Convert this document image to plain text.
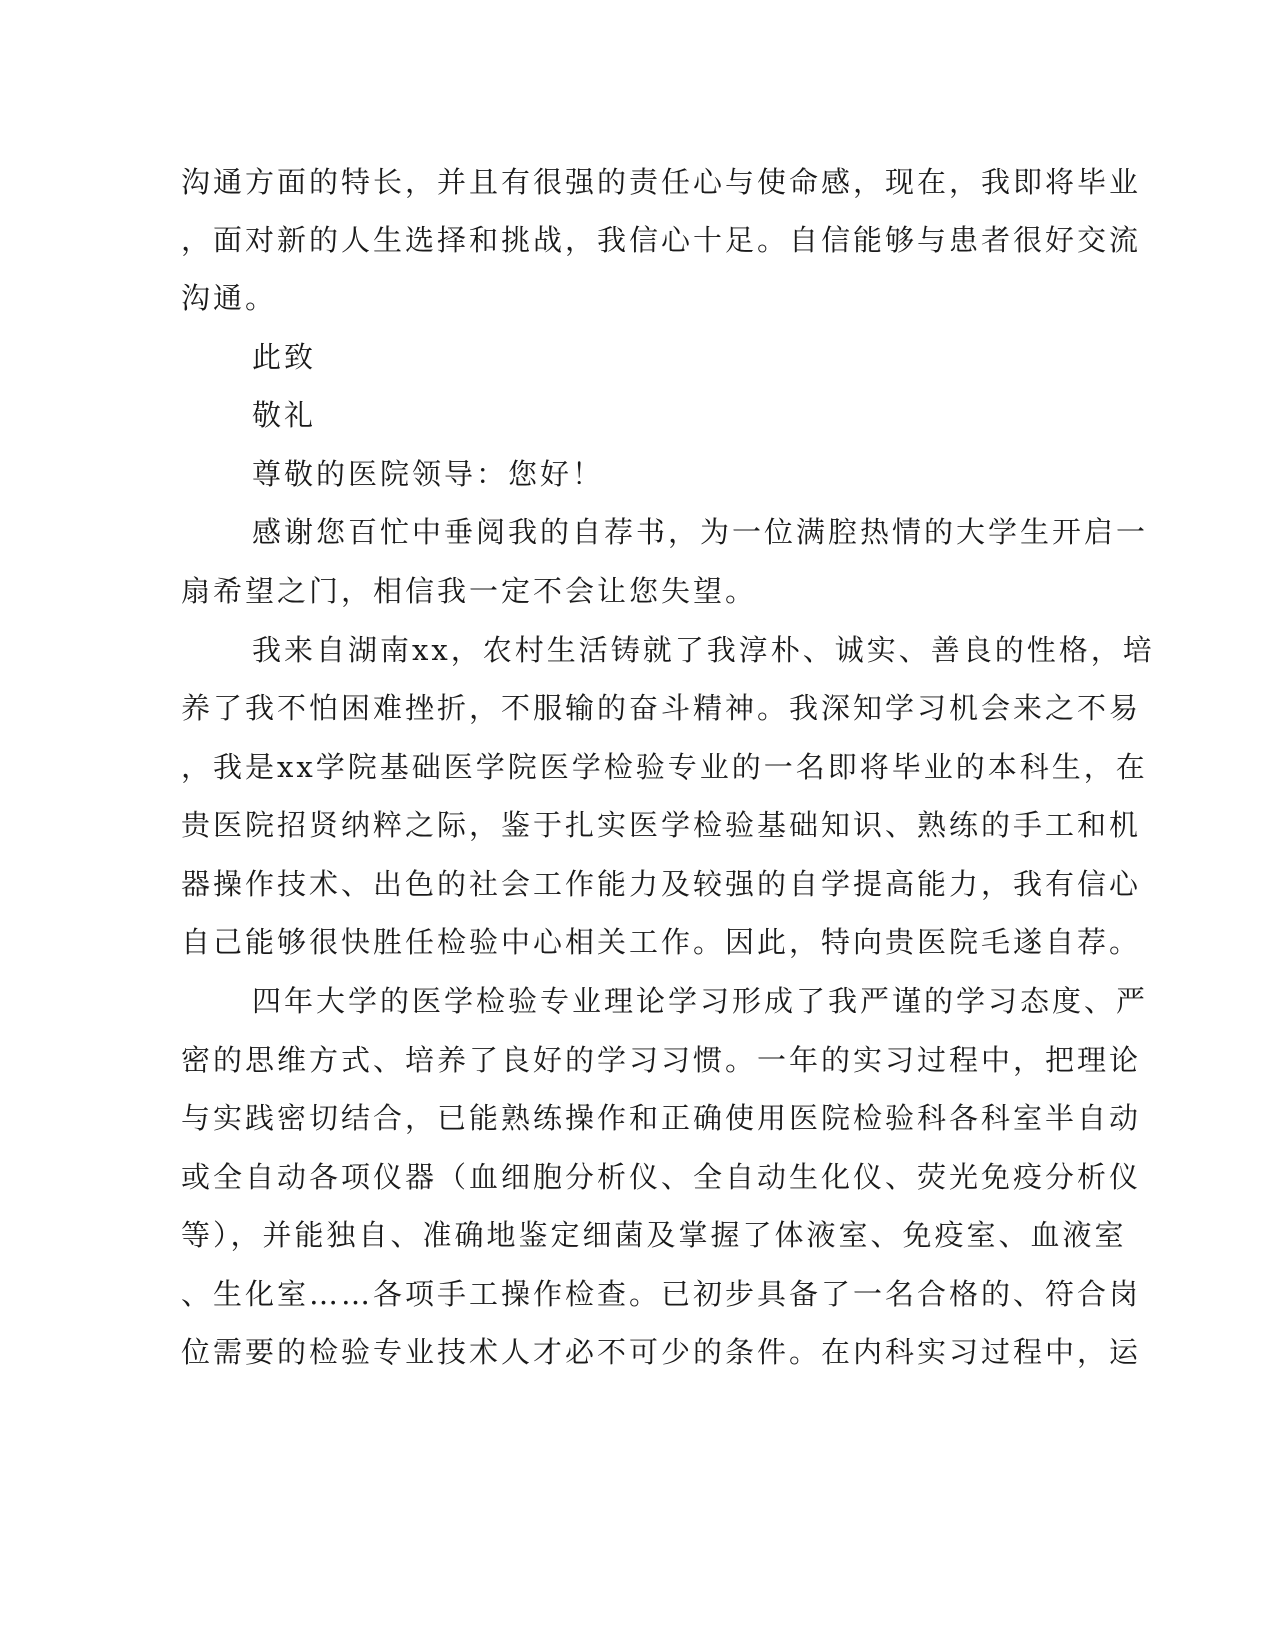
沟通方面的特长，并且有很强的责任心与使命感，现在，我即将毕业
，面对新的人生选择和挑战，我信心十足。自信能够与患者很好交流
沟通。
此致
敬礼
尊敬的医院领导：您好！
感谢您百忙中垂阅我的自荐书，为一位满腔热情的大学生开启一
扇希望之门，相信我一定不会让您失望。
我来自湖南xx，农村生活铸就了我淳朴、诚实、善良的性格，培
养了我不怕困难挫折，不服输的奋斗精神。我深知学习机会来之不易
，我是xx学院基础医学院医学检验专业的一名即将毕业的本科生，在
贵医院招贤纳粹之际，鉴于扎实医学检验基础知识、熟练的手工和机
器操作技术、出色的社会工作能力及较强的自学提高能力，我有信心
自己能够很快胜任检验中心相关工作。因此，特向贵医院毛遂自荐。
四年大学的医学检验专业理论学习形成了我严谨的学习态度、严
密的思维方式、培养了良好的学习习惯。一年的实习过程中，把理论
与实践密切结合，已能熟练操作和正确使用医院检验科各科室半自动
或全自动各项仪器（血细胞分析仪、全自动生化仪、荧光免疫分析仪
等），并能独自、准确地鉴定细菌及掌握了体液室、免疫室、血液室
、生化室……各项手工操作检查。已初步具备了一名合格的、符合岗
位需要的检验专业技术人才必不可少的条件。在内科实习过程中，运
